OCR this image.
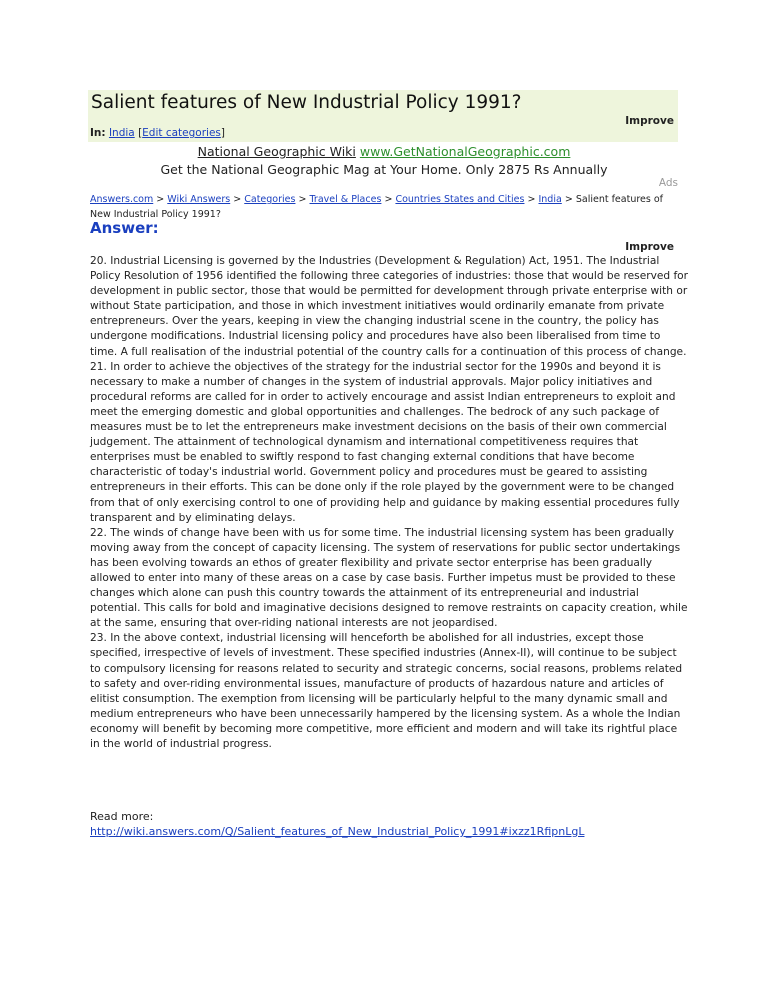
Salient features of New Industrial Policy 1991?
Improve
In: India [Edit categories]
National Geographic Wiki www.GetNationalGeographic.com
Get the National Geographic Mag at Your Home. Only 2875 Rs Annually
Ads
Answers.com > Wiki Answers > Categories > Travel & Places > Countries States and Cities > India > Salient features of New Industrial Policy 1991?
Answer:
Improve

20. Industrial Licensing is governed by the Industries (Development & Regulation) Act, 1951. The Industrial Policy Resolution of 1956 identified the following three categories of industries: those that would be reserved for development in public sector, those that would be permitted for development through private enterprise with or without State participation, and those in which investment initiatives would ordinarily emanate from private entrepreneurs. Over the years, keeping in view the changing industrial scene in the country, the policy has undergone modifications. Industrial licensing policy and procedures have also been liberalised from time to time. A full realisation of the industrial potential of the country calls for a continuation of this process of change.

21. In order to achieve the objectives of the strategy for the industrial sector for the 1990s and beyond it is necessary to make a number of changes in the system of industrial approvals. Major policy initiatives and procedural reforms are called for in order to actively encourage and assist Indian entrepreneurs to exploit and meet the emerging domestic and global opportunities and challenges. The bedrock of any such package of measures must be to let the entrepreneurs make investment decisions on the basis of their own commercial judgement. The attainment of technological dynamism and international competitiveness requires that enterprises must be enabled to swiftly respond to fast changing external conditions that have become characteristic of today's industrial world. Government policy and procedures must be geared to assisting entrepreneurs in their efforts. This can be done only if the role played by the government were to be changed from that of only exercising control to one of providing help and guidance by making essential procedures fully transparent and by eliminating delays.

22. The winds of change have been with us for some time. The industrial licensing system has been gradually moving away from the concept of capacity licensing. The system of reservations for public sector undertakings has been evolving towards an ethos of greater flexibility and private sector enterprise has been gradually allowed to enter into many of these areas on a case by case basis. Further impetus must be provided to these changes which alone can push this country towards the attainment of its entrepreneurial and industrial potential. This calls for bold and imaginative decisions designed to remove restraints on capacity creation, while at the same, ensuring that over-riding national interests are not jeopardised.

23. In the above context, industrial licensing will henceforth be abolished for all industries, except those specified, irrespective of levels of investment. These specified industries (Annex-II), will continue to be subject to compulsory licensing for reasons related to security and strategic concerns, social reasons, problems related to safety and over-riding environmental issues, manufacture of products of hazardous nature and articles of elitist consumption. The exemption from licensing will be particularly helpful to the many dynamic small and medium entrepreneurs who have been unnecessarily hampered by the licensing system. As a whole the Indian economy will benefit by becoming more competitive, more efficient and modern and will take its rightful place in the world of industrial progress.

Read more:
http://wiki.answers.com/Q/Salient_features_of_New_Industrial_Policy_1991#ixzz1RfipnLgL
